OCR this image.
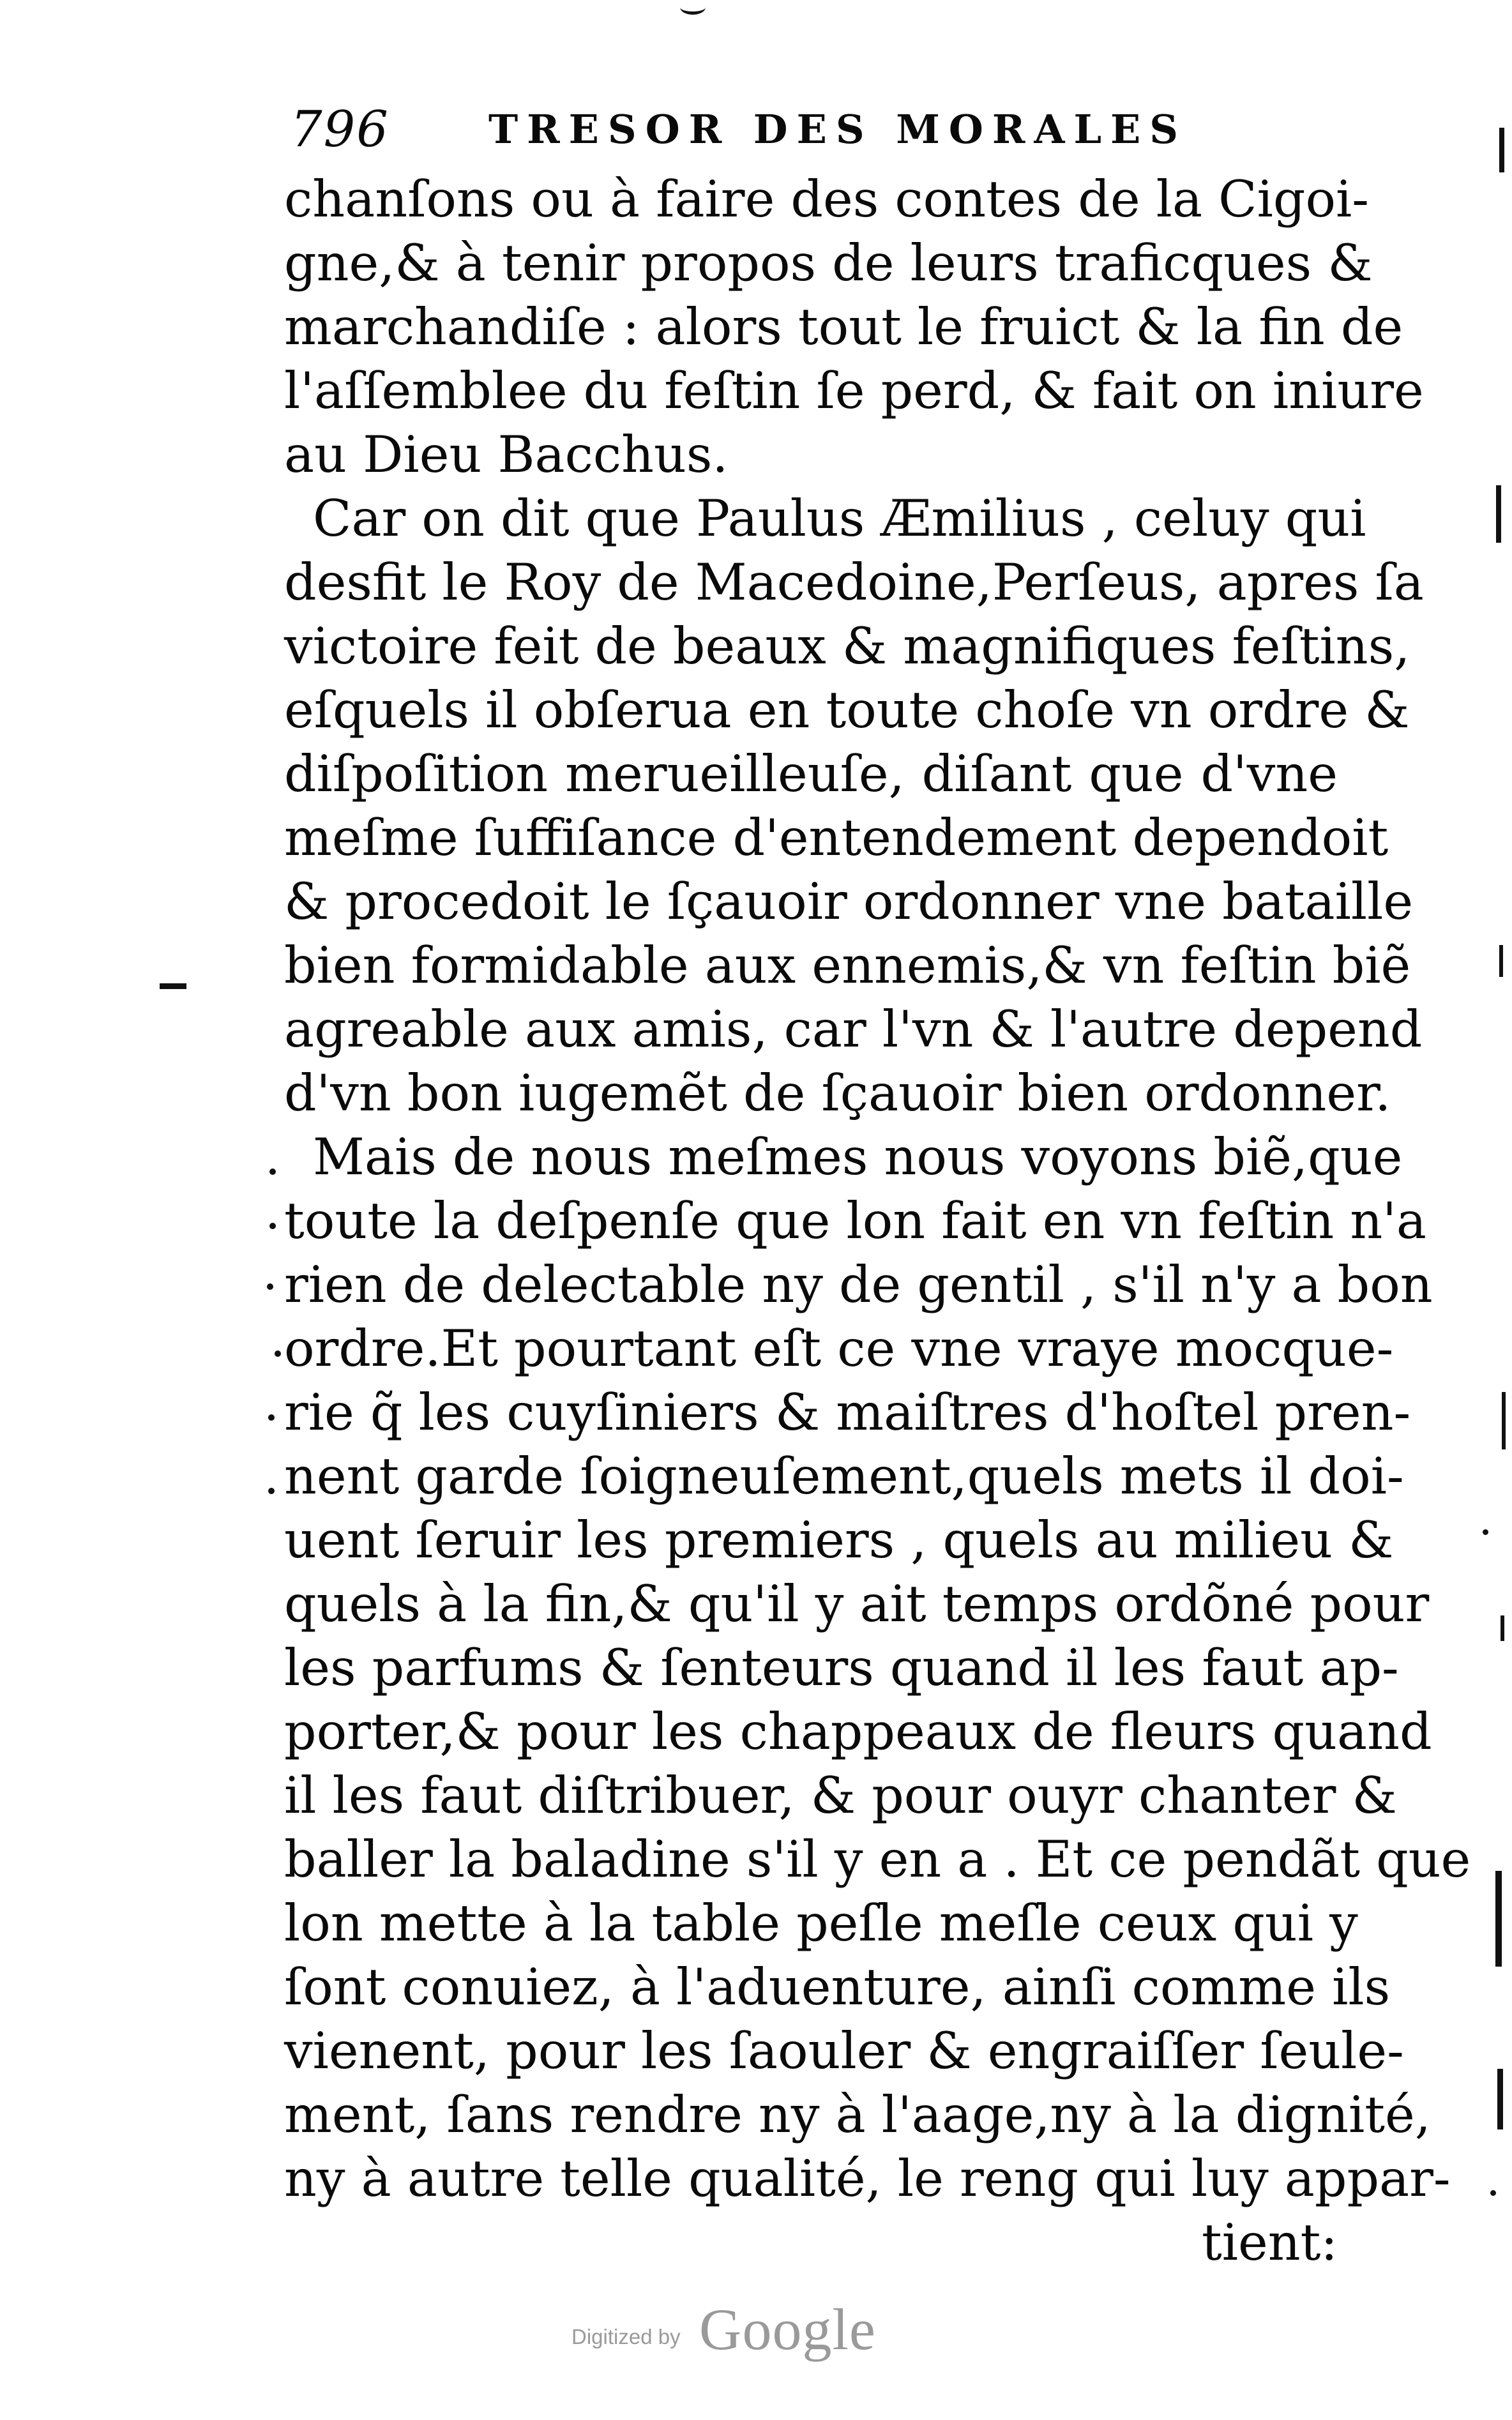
796	TRESOR DES MORALES
chanſons ou à faire des contes de la Cigoi-
gne,& à tenir propos de leurs traficques &
marchandiſe : alors tout le fruict & la fin de
l'aſſemblee du feſtin ſe perd, & fait on iniure
au Dieu Bacchus.
Car on dit que Paulus Æmilius , celuy qui
desfit le Roy de Macedoine,Perſeus, apres ſa
victoire feit de beaux & magnifiques feſtins,
eſquels il obſerua en toute choſe vn ordre &
diſpoſition merueilleuſe, diſant que d'vne
meſme ſuffiſance d'entendement dependoit
& procedoit le ſçauoir ordonner vne bataille
bien formidable aux ennemis,& vn feſtin biẽ
agreable aux amis, car l'vn & l'autre depend
d'vn bon iugemẽt de ſçauoir bien ordonner.
Mais de nous meſmes nous voyons biẽ,que
toute la deſpenſe que lon fait en vn feſtin n'a
rien de delectable ny de gentil , s'il n'y a bon
ordre.Et pourtant eſt ce vne vraye mocque-
rie q̃ les cuyſiniers & maiſtres d'hoſtel pren-
nent garde ſoigneuſement,quels mets il doi-
uent ſeruir les premiers , quels au milieu &
quels à la fin,& qu'il y ait temps ordõné pour
les parfums & ſenteurs quand il les faut ap-
porter,& pour les chappeaux de fleurs quand
il les faut diſtribuer, & pour ouyr chanter &
baller la baladine s'il y en a . Et ce pendãt que
lon mette à la table peſle meſle ceux qui y
ſont conuiez, à l'aduenture, ainſi comme ils
vienent, pour les ſaouler & engraiſſer ſeule-
ment, ſans rendre ny à l'aage,ny à la dignité,
ny à autre telle qualité, le reng qui luy appar-
tient:
Digitized by Google
